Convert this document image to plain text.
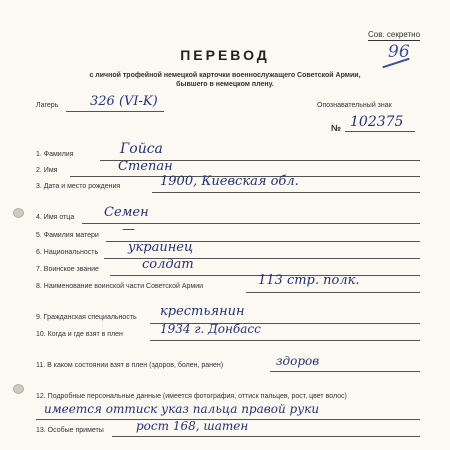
Сов. секретно
96
ПЕРЕВОД
с личной трофейной немецкой карточки военнослужащего Советской Армии,
бывшего в немецком плену.
Лагерь 326 (VI-K)	Опознавательный знак
№ 102375
1. Фамилия	Гойса
2. Имя	Степан
3. Дата и место рождения	1900, Киевская обл.
4. Имя отца Семен
5. Фамилия матери —
6. Национальность украинец
7. Воинское звание	солдат
8. Наименование воинской части Советской Армии	113 стр. полк.
9. Гражданская специальность крестьянин
10. Когда и где взят в плен	1934 г. Донбасс
11. В каком состоянии взят в плен (здоров, болен, ранен)	здоров
12. Подробные персональные данные (имеется фотография, оттиск пальцев, рост, цвет волос)
имеется оттиск указ пальца правой руки
13. Особые приметы	рост 168, шатен
